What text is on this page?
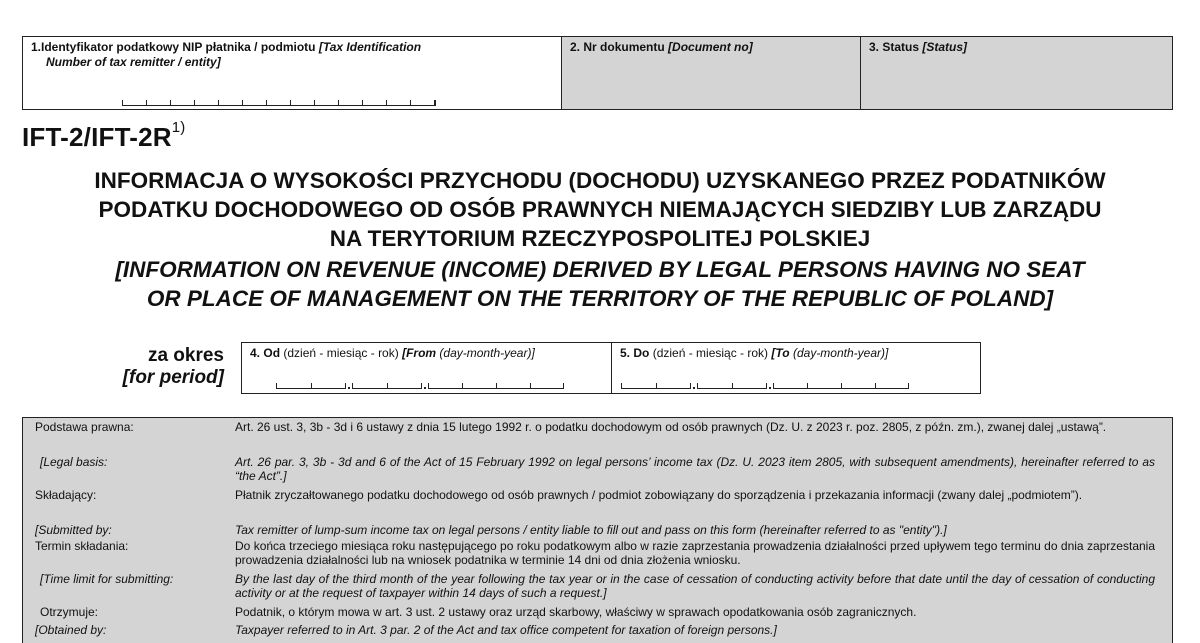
1.Identyfikator podatkowy NIP płatnika / podmiotu [Tax Identification
Number of tax remitter / entity]
2. Nr dokumentu [Document no]	3. Status [Status]
IFT-$2/IFT-2R^{1)}$
INFORMACJA O WYSOKOŚCI PRZYCHODU (DOCHODU) UZYSKANEGO PRZEZ PODATNIKÓW
PODATKU DOCHODOWEGO OD OSÓB PRAWNYCH NIEMAJĄCYCH SIEDZIBY LUB ZARZĄDU
NA TERYTORIUM RZECZYPOSPOLITEJ POLSKIEJ
[INFORMATION ON REVENUE (INCOME) DERIVED BY LEGAL PERSONS HAVING NO SEAT
OR PLACE OF MANAGEMENT ON THE TERRITORY OF THE REPUBLIC OF POLAND]
za okres
[for period]
4. Od (dzień - miesiąc - rok) [From (day-month-year)]	5. Do (dzień - miesiąc - rok) [To (day-month-year)]
Podstawa prawna:	Art. 26 ust. 3, 3b - 3d i 6 ustawy z dnia 15 lutego 1992 r. o podatku dochodowym od osób prawnych (Dz. U. z 2023 r. poz. 2805, z późn. zm.), zwanej dalej „ustawą”.
[Legal basis:	Art. 26 par. 3, 3b - 3d and 6 of the Act of 15 February 1992 on legal persons’ income tax (Dz. U. 2023 item 2805, with subsequent amendments), hereinafter referred to as “the Act”.]
Składający:	Płatnik zryczałtowanego podatku dochodowego od osób prawnych / podmiot zobowiązany do sporządzenia i przekazania informacji (zwany dalej „podmiotem”).
[Submitted by:	Tax remitter of lump-sum income tax on legal persons / entity liable to fill out and pass on this form (hereinafter referred to as "entity").]
Termin składania:	Do końca trzeciego miesiąca roku następującego po roku podatkowym albo w razie zaprzestania prowadzenia działalności przed upływem tego terminu do dnia zaprzestania prowadzenia działalności lub na wniosek podatnika w terminie 14 dni od dnia złożenia wniosku.
[Time limit for submitting:	By the last day of the third month of the year following the tax year or in the case of cessation of conducting activity before that date until the day of cessation of conducting activity or at the request of taxpayer within 14 days of such a request.]
Otrzymuje:	Podatnik, o którym mowa w art. 3 ust. 2 ustawy oraz urząd skarbowy, właściwy w sprawach opodatkowania osób zagranicznych.
[Obtained by:	Taxpayer referred to in Art. 3 par. 2 of the Act and tax office competent for taxation of foreign persons.]
